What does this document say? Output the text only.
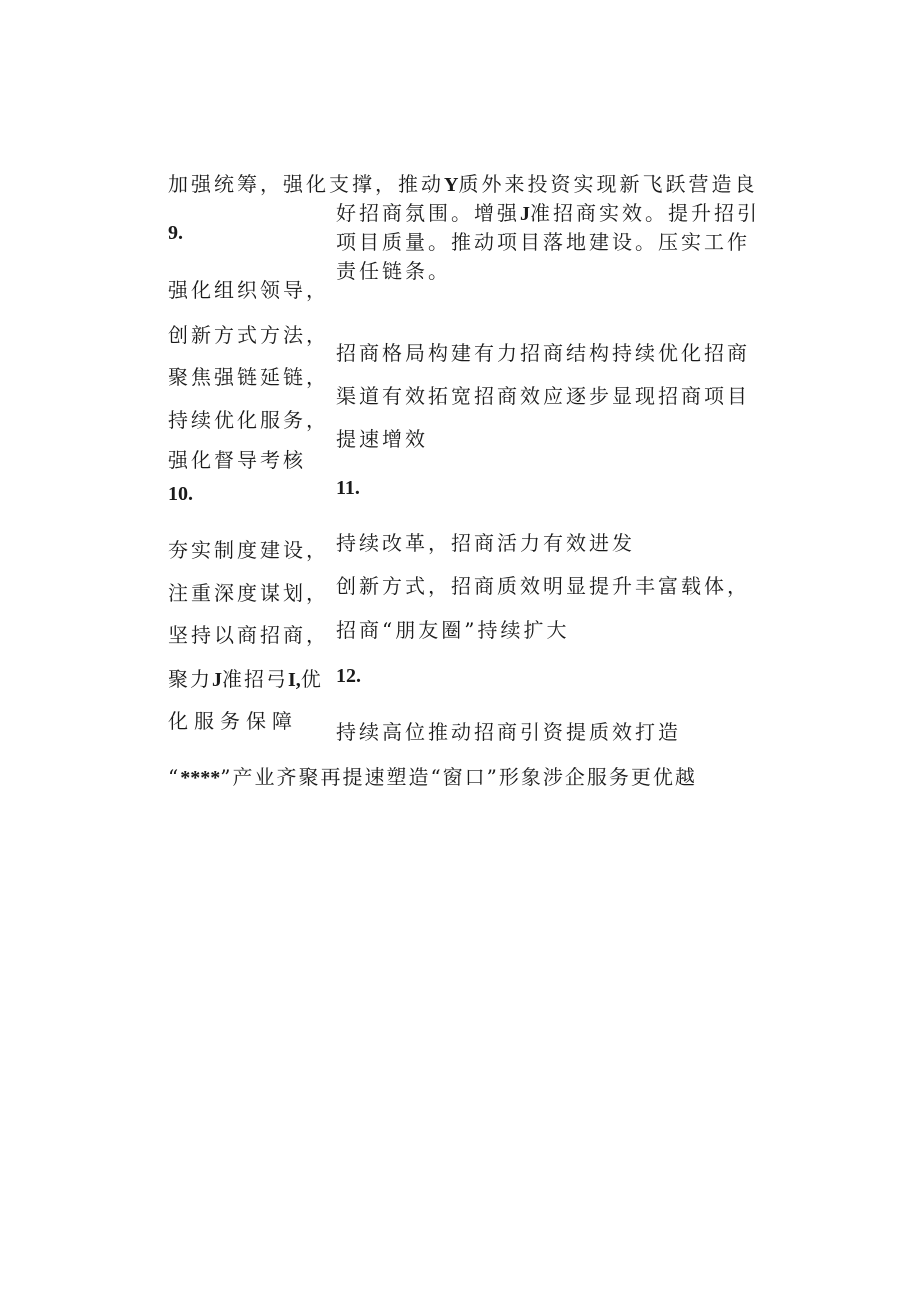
加强统筹，强化支撑，推动Y质外来投资实现新飞跃营造良
好招商氛围。增强J准招商实效。提升招引
项目质量。推动项目落地建设。压实工作
责任链条。
9.
强化组织领导，
创新方式方法，
聚焦强链延链，
持续优化服务，
强化督导考核
招商格局构建有力招商结构持续优化招商
渠道有效拓宽招商效应逐步显现招商项目
提速增效
10.	11.
夯实制度建设，
注重深度谋划，
坚持以商招商，
聚力J准招弓I,优
化服务保障
持续改革，招商活力有效进发
创新方式，招商质效明显提升丰富载体，
招商“朋友圈”持续扩大
12.
持续高位推动招商引资提质效打造
“****”产业齐聚再提速塑造“窗口”形象涉企服务更优越
